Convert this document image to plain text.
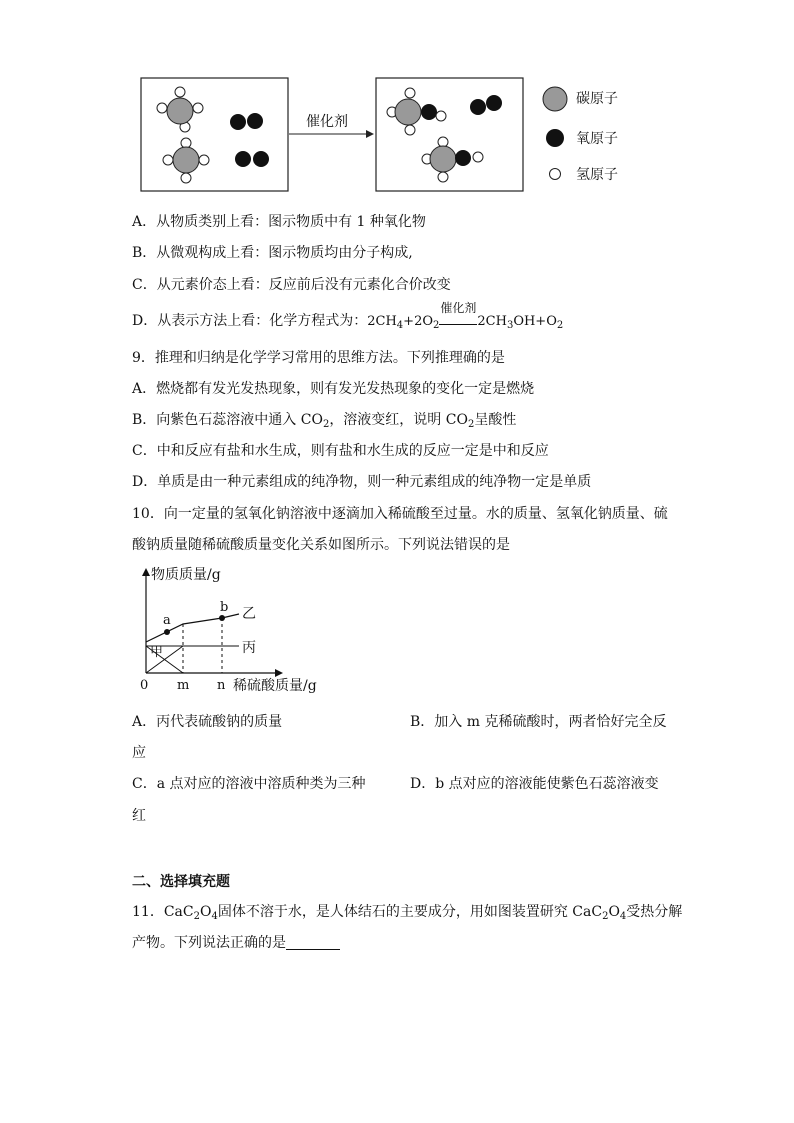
催化剂
碳原子
氧原子
氢原子
A．从物质类别上看：图示物质中有 1 种氧化物
B．从微观构成上看：图示物质均由分子构成,
C．从元素价态上看：反应前后没有元素化合价改变
D．从表示方法上看：化学方程式为：$2CH_4+2O_2$
催化剂
$2CH_3OH+O_2$
9．推理和归纳是化学学习常用的思维方法。下列推理确的是
A．燃烧都有发光发热现象，则有发光发热现象的变化一定是燃烧
B．向紫色石蕊溶液中通入 $CO_2$，溶液变红，说明 $CO_2$呈酸性
C．中和反应有盐和水生成，则有盐和水生成的反应一定是中和反应
D．单质是由一种元素组成的纯净物，则一种元素组成的纯净物一定是单质
10．向一定量的氢氧化钠溶液中逐滴加入稀硫酸至过量。水的质量、氢氧化钠质量、硫
酸钠质量随稀硫酸质量变化关系如图所示。下列说法错误的是
物质质量/g
稀硫酸质量/g
0 m n
a
b 乙
丙
甲
A．丙代表硫酸钠的质量	B．加入 m 克稀硫酸时，两者恰好完全反
应
C．a 点对应的溶液中溶质种类为三种	D．b 点对应的溶液能使紫色石蕊溶液变
红
二、选择填充题
11．$CaC_2O_4$固体不溶于水，是人体结石的主要成分，用如图装置研究 $CaC_2O_4$受热分解
产物。下列说法正确的是
